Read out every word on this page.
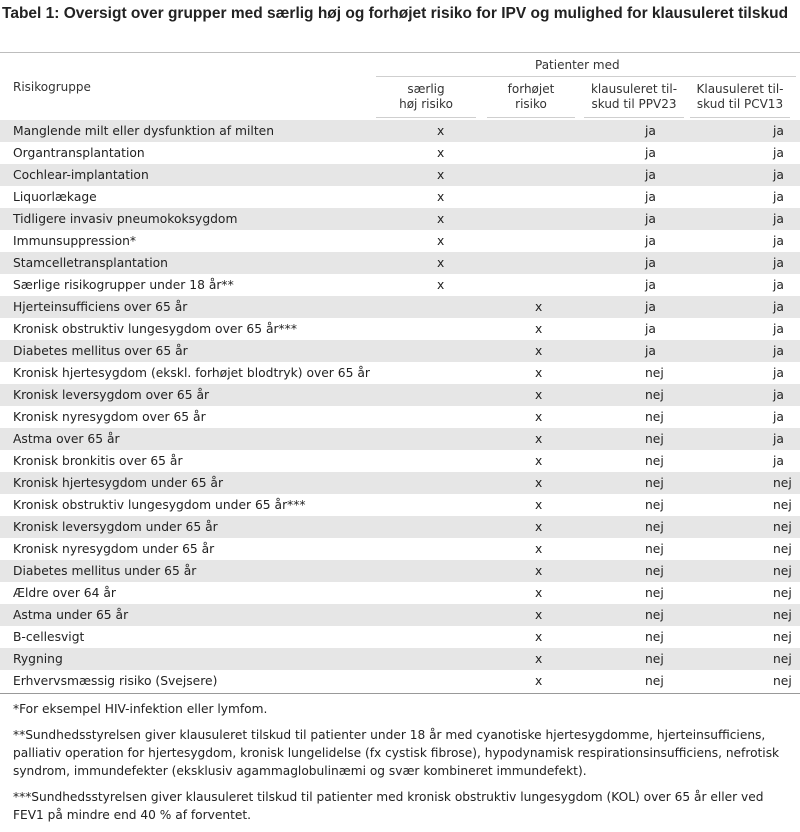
Tabel 1: Oversigt over grupper med særlig høj og forhøjet risiko for IPV og mulighed for klausuleret tilskud
Risikogruppe
Patienter med
særlig
høj risiko
forhøjet
risiko
klausuleret til-
skud til PPV23
Klausuleret til-
skud til PCV13
Manglende milt eller dysfunktion af milten	x		ja	ja
Organtransplantation	x		ja	ja
Cochlear-implantation	x		ja	ja
Liquorlækage	x		ja	ja
Tidligere invasiv pneumokoksygdom	x		ja	ja
Immunsuppression*	x		ja	ja
Stamcelletransplantation	x		ja	ja
Særlige risikogrupper under 18 år**	x		ja	ja
Hjerteinsufficiens over 65 år		x	ja	ja
Kronisk obstruktiv lungesygdom over 65 år***		x	ja	ja
Diabetes mellitus over 65 år		x	ja	ja
Kronisk hjertesygdom (ekskl. forhøjet blodtryk) over 65 år		x	nej	ja
Kronisk leversygdom over 65 år		x	nej	ja
Kronisk nyresygdom over 65 år		x	nej	ja
Astma over 65 år		x	nej	ja
Kronisk bronkitis over 65 år		x	nej	ja
Kronisk hjertesygdom under 65 år		x	nej	nej
Kronisk obstruktiv lungesygdom under 65 år***		x	nej	nej
Kronisk leversygdom under 65 år		x	nej	nej
Kronisk nyresygdom under 65 år		x	nej	nej
Diabetes mellitus under 65 år		x	nej	nej
Ældre over 64 år		x	nej	nej
Astma under 65 år		x	nej	nej
B-cellesvigt		x	nej	nej
Rygning		x	nej	nej
Erhvervsmæssig risiko (Svejsere)		x	nej	nej

*For eksempel HIV-infektion eller lymfom.

**Sundhedsstyrelsen giver klausuleret tilskud til patienter under 18 år med cyanotiske hjertesygdomme, hjerteinsufficiens, palliativ operation for hjertesygdom, kronisk lungelidelse (fx cystisk fibrose), hypodynamisk respirationsinsufficiens, nefrotisk syndrom, immundefekter (eksklusiv agammaglobulinæmi og svær kombineret immundefekt).

***Sundhedsstyrelsen giver klausuleret tilskud til patienter med kronisk obstruktiv lungesygdom (KOL) over 65 år eller ved FEV1 på mindre end 40 % af forventet.
